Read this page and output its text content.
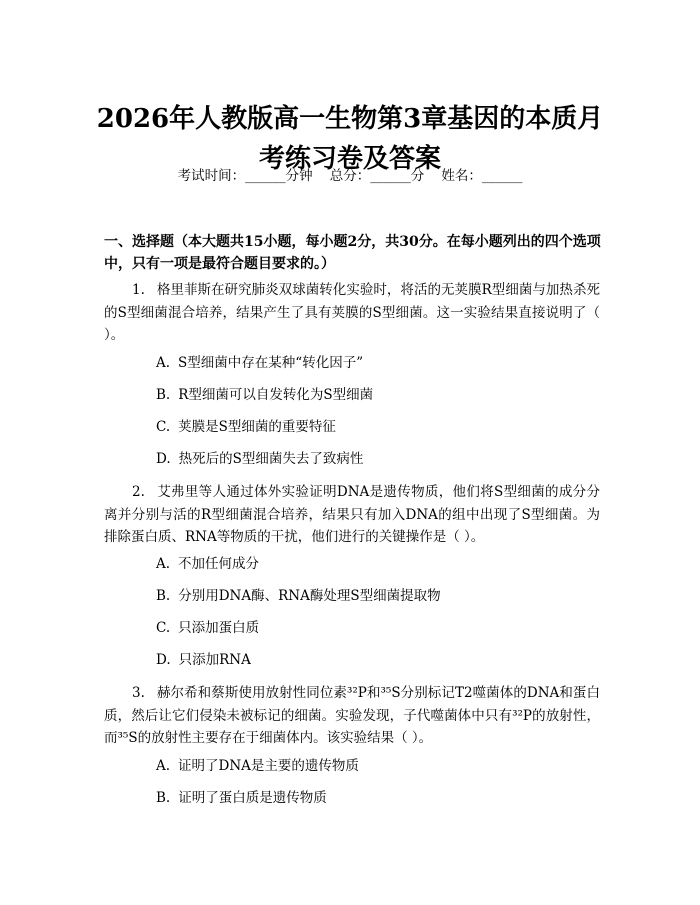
2026年人教版高一生物第3章基因的本质月
考练习卷及答案
考试时间：______分钟    总分：______分    姓名：______

一、选择题（本大题共15小题，每小题2分，共30分。在每小题列出的四个选项中，只有一项是最符合题目要求的。）

1. 格里菲斯在研究肺炎双球菌转化实验时，将活的无荚膜R型细菌与加热杀死的S型细菌混合培养，结果产生了具有荚膜的S型细菌。这一实验结果直接说明了（ ）。

A. S型细菌中存在某种“转化因子”

B. R型细菌可以自发转化为S型细菌

C. 荚膜是S型细菌的重要特征

D. 热死后的S型细菌失去了致病性

2. 艾弗里等人通过体外实验证明DNA是遗传物质，他们将S型细菌的成分分离并分别与活的R型细菌混合培养，结果只有加入DNA的组中出现了S型细菌。为排除蛋白质、RNA等物质的干扰，他们进行的关键操作是（ ）。

A. 不加任何成分

B. 分别用DNA酶、RNA酶处理S型细菌提取物

C. 只添加蛋白质

D. 只添加RNA

3. 赫尔希和蔡斯使用放射性同位素³²P和³⁵S分别标记T2噬菌体的DNA和蛋白质，然后让它们侵染未被标记的细菌。实验发现，子代噬菌体中只有³²P的放射性，而³⁵S的放射性主要存在于细菌体内。该实验结果（ ）。

A. 证明了DNA是主要的遗传物质

B. 证明了蛋白质是遗传物质
